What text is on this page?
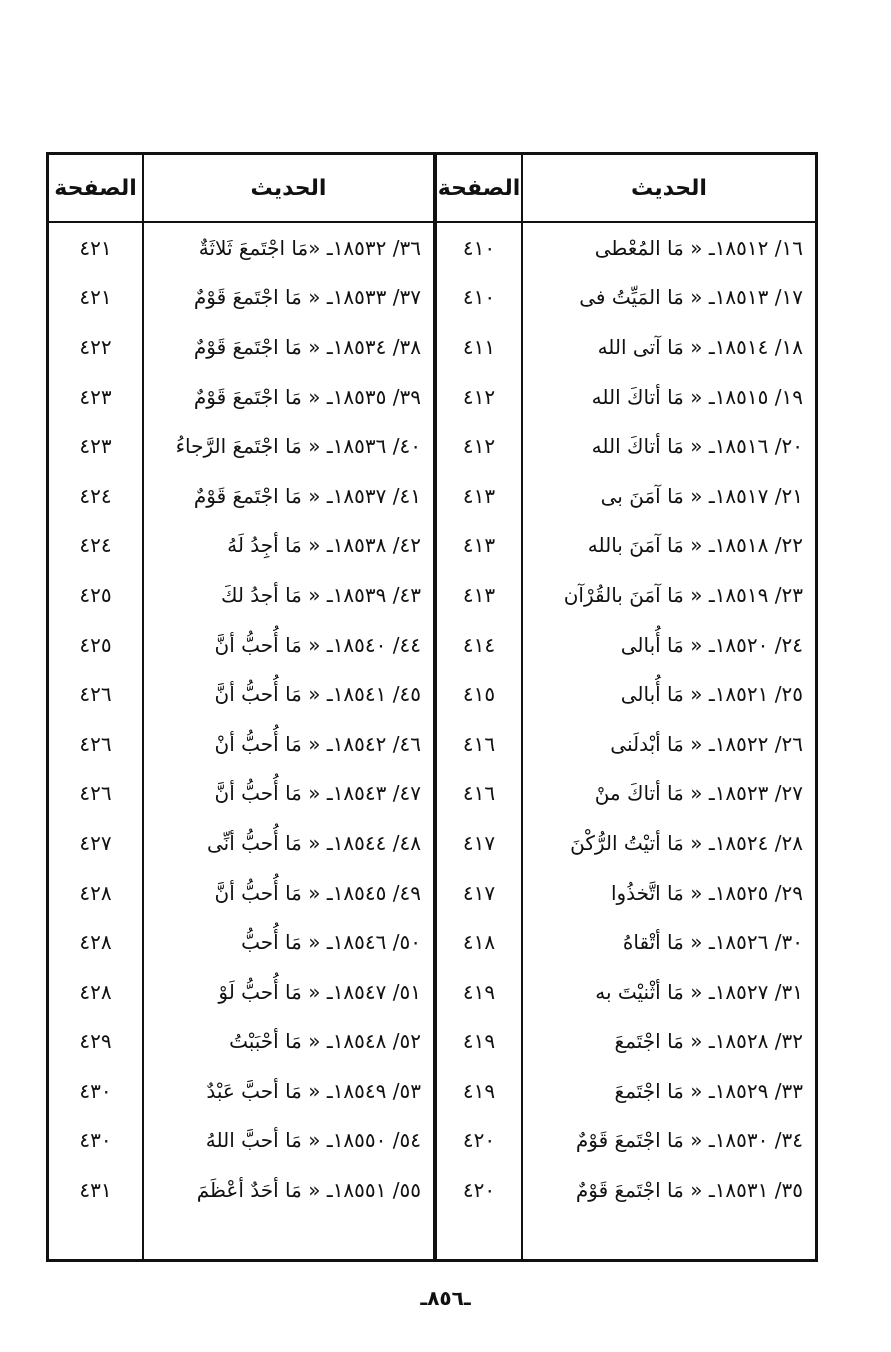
الحديث
الصفحة
الحديث
الصفحة
١٦/ ١٨٥١٢ـ « مَا المُعْطى
١٧/ ١٨٥١٣ـ « مَا المَيِّتُ فى
١٨/ ١٨٥١٤ـ « مَا آتى الله
١٩/ ١٨٥١٥ـ « مَا أتاكَ الله
٢٠/ ١٨٥١٦ـ « مَا أتاكَ الله
٢١/ ١٨٥١٧ـ « مَا آمَنَ بى
٢٢/ ١٨٥١٨ـ « مَا آمَنَ بالله
٢٣/ ١٨٥١٩ـ « مَا آمَنَ بالقُرْآن
٢٤/ ١٨٥٢٠ـ « مَا أُبالى
٢٥/ ١٨٥٢١ـ « مَا أُبالى
٢٦/ ١٨٥٢٢ـ « مَا أبْدلَنى
٢٧/ ١٨٥٢٣ـ « مَا أتاكَ منْ
٢٨/ ١٨٥٢٤ـ « مَا أتيْتُ الرُّكْنَ
٢٩/ ١٨٥٢٥ـ « مَا اتَّخذُوا
٣٠/ ١٨٥٢٦ـ « مَا أتْقاهُ
٣١/ ١٨٥٢٧ـ « مَا أثْنيْتَ به
٣٢/ ١٨٥٢٨ـ « مَا اجْتَمعَ
٣٣/ ١٨٥٢٩ـ « مَا اجْتَمعَ
٣٤/ ١٨٥٣٠ـ « مَا اجْتَمعَ قَوْمٌ
٣٥/ ١٨٥٣١ـ « مَا اجْتَمعَ قَوْمٌ
٤١٠
٤١٠
٤١١
٤١٢
٤١٢
٤١٣
٤١٣
٤١٣
٤١٤
٤١٥
٤١٦
٤١٦
٤١٧
٤١٧
٤١٨
٤١٩
٤١٩
٤١٩
٤٢٠
٤٢٠
٣٦/ ١٨٥٣٢ـ «مَا اجْتَمعَ ثَلاثَةٌ
٣٧/ ١٨٥٣٣ـ « مَا اجْتَمعَ قَوْمٌ
٣٨/ ١٨٥٣٤ـ « مَا اجْتَمعَ قَوْمٌ
٣٩/ ١٨٥٣٥ـ « مَا اجْتَمعَ قَوْمٌ
٤٠/ ١٨٥٣٦ـ « مَا اجْتَمعَ الرَّجاءُ
٤١/ ١٨٥٣٧ـ « مَا اجْتَمعَ قَوْمٌ
٤٢/ ١٨٥٣٨ـ « مَا أجِدُ لَهُ
٤٣/ ١٨٥٣٩ـ « مَا أجدُ لكَ
٤٤/ ١٨٥٤٠ـ « مَا أُحبُّ أنَّ
٤٥/ ١٨٥٤١ـ « مَا أُحبُّ أنَّ
٤٦/ ١٨٥٤٢ـ « مَا أُحبُّ أنْ
٤٧/ ١٨٥٤٣ـ « مَا أُحبُّ أنَّ
٤٨/ ١٨٥٤٤ـ « مَا أُحبُّ أنِّى
٤٩/ ١٨٥٤٥ـ « مَا أُحبُّ أنَّ
٥٠/ ١٨٥٤٦ـ « مَا أُحبُّ
٥١/ ١٨٥٤٧ـ « مَا أُحبُّ لَوْ
٥٢/ ١٨٥٤٨ـ « مَا أحْبَبْتُ
٥٣/ ١٨٥٤٩ـ « مَا أحبَّ عَبْدٌ
٥٤/ ١٨٥٥٠ـ « مَا أحبَّ اللهُ
٥٥/ ١٨٥٥١ـ « مَا أحَدٌ أعْظَمَ
٤٢١
٤٢١
٤٢٢
٤٢٣
٤٢٣
٤٢٤
٤٢٤
٤٢٥
٤٢٥
٤٢٦
٤٢٦
٤٢٦
٤٢٧
٤٢٨
٤٢٨
٤٢٨
٤٢٩
٤٣٠
٤٣٠
٤٣١
ـ٨٥٦ـ
